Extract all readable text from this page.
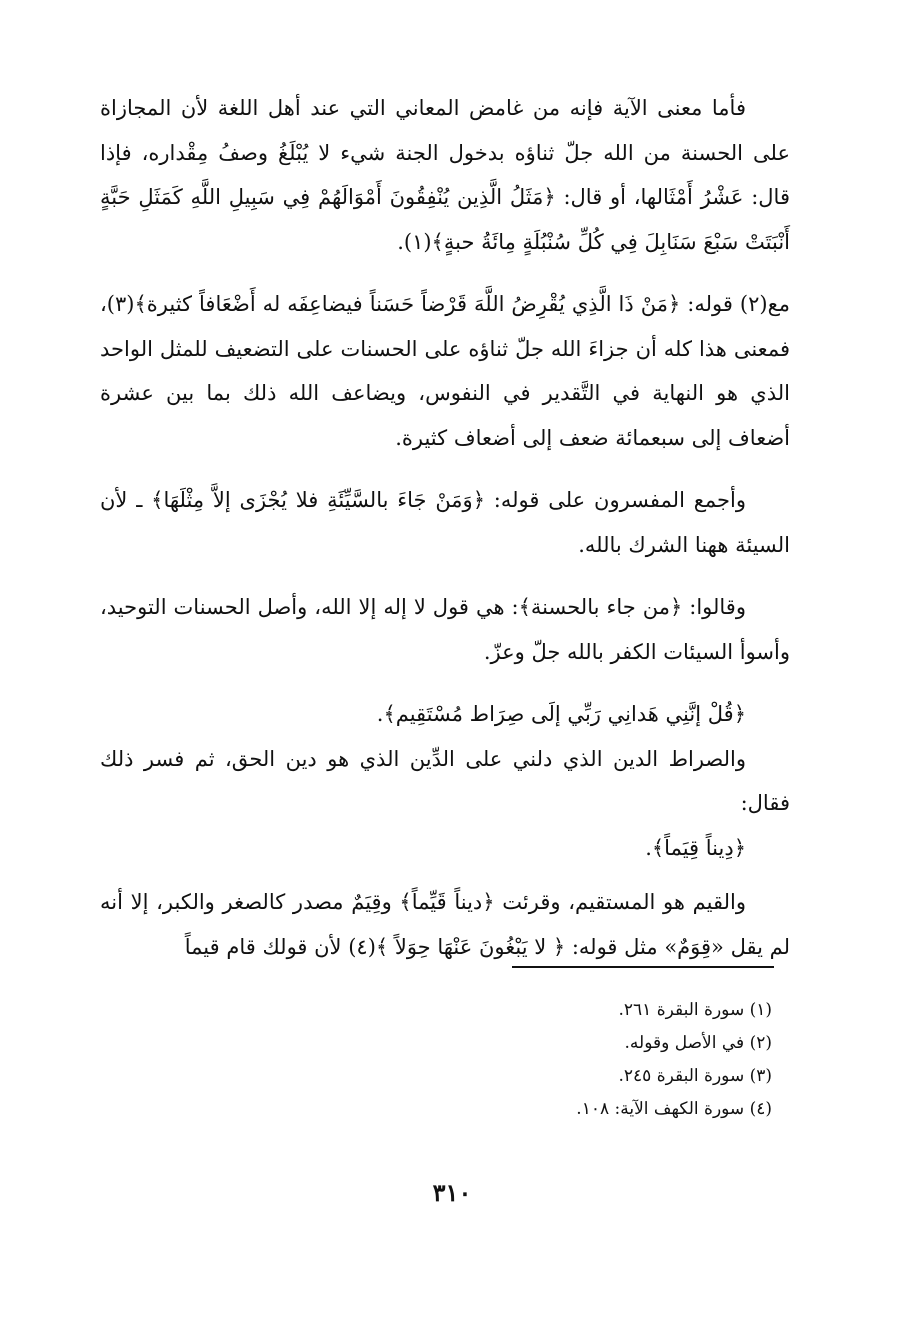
فأما معنى الآية فإنه من غامض المعاني التي عند أهل اللغة لأن المجازاة على الحسنة من الله جلّ ثناؤه بدخول الجنة شيء لا يُبْلَغُ وصفُ مِقْداره، فإذا قال: عَشْرُ أَمْثَالها، أو قال: ﴿مَثَلُ الَّذِين يُنْفِقُونَ أَمْوَالَهُمْ فِي سَبِيلِ اللَّهِ كَمَثَلِ حَبَّةٍ أَنْبَتَتْ سَبْعَ سَنَابِلَ فِي كُلِّ سُنْبُلَةٍ مِائَةُ حبةٍ﴾(١).

مع(٢) قوله: ﴿مَنْ ذَا الَّذِي يُقْرِضُ اللَّهَ قَرْضاً حَسَناً فيضاعِفَه له أَضْعَافاً كثيرة﴾(٣)، فمعنى هذا كله أن جزاءَ الله جلّ ثناؤه على الحسنات على التضعيف للمثل الواحد الذي هو النهاية في التَّقدير في النفوس، ويضاعف الله ذلك بما بين عشرة أضعاف إلى سبعمائة ضعف إلى أضعاف كثيرة.

وأجمع المفسرون على قوله: ﴿وَمَنْ جَاءَ بالسَّيِّئَةِ فلا يُجْزَى إلاَّ مِثْلَهَا﴾ ـ لأن السيئة ههنا الشرك بالله.

وقالوا: ﴿من جاء بالحسنة﴾: هي قول لا إله إلا الله، وأصل الحسنات التوحيد، وأسوأ السيئات الكفر بالله جلّ وعزّ.

﴿قُلْ إنَّنِي هَدانِي رَبِّي إلَى صِرَاط مُسْتَقِيم﴾.

والصراط الدين الذي دلني على الدِّين الذي هو دين الحق، ثم فسر ذلك فقال:

﴿دِيناً قِيَماً﴾.

والقيم هو المستقيم، وقرئت ﴿ديناً قَيِّماً﴾ وقِيَمٌ مصدر كالصغر والكبر، إلا أنه لم يقل «قِوَمٌ» مثل قوله: ﴿ لا يَبْغُونَ عَنْهَا حِوَلاً ﴾(٤) لأن قولك قام قيماً

(١) سورة البقرة ٢٦١.

(٢) في الأصل وقوله.

(٣) سورة البقرة ٢٤٥.

(٤) سورة الكهف الآية: ١٠٨.

٣١٠
